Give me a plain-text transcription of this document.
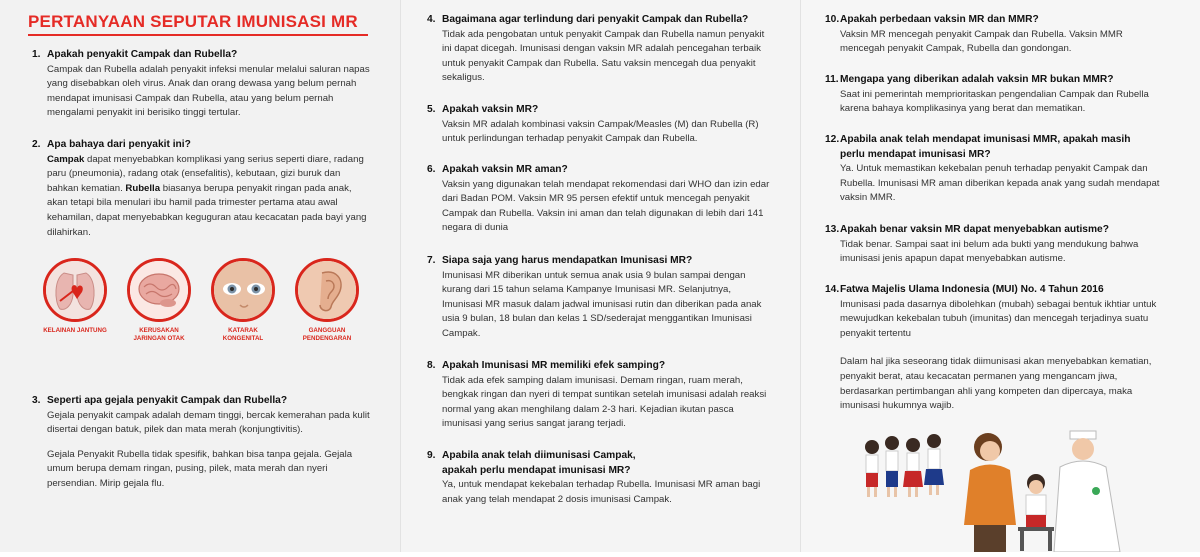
PERTANYAAN SEPUTAR IMUNISASI MR
1. Apakah penyakit Campak dan Rubella?
Campak dan Rubella adalah penyakit infeksi menular melalui saluran napas yang disebabkan oleh virus. Anak dan orang dewasa yang belum pernah mendapat imunisasi Campak dan Rubella, atau yang belum pernah mengalami penyakit ini berisiko tinggi tertular.
2. Apa bahaya dari penyakit ini?
Campak dapat menyebabkan komplikasi yang serius seperti diare, radang paru (pneumonia), radang otak (ensefalitis), kebutaan, gizi buruk dan bahkan kematian. Rubella biasanya berupa penyakit ringan pada anak, akan tetapi bila menulari ibu hamil pada trimester pertama atau awal kehamilan, dapat menyebabkan keguguran atau kecacatan pada bayi yang dilahirkan.
KELAINAN JANTUNG	KERUSAKAN
JARINGAN OTAK
KATARAK
KONGENITAL
GANGGUAN
PENDENGARAN
3. Seperti apa gejala penyakit Campak dan Rubella?
Gejala penyakit campak adalah demam tinggi, bercak kemerahan pada kulit disertai dengan batuk, pilek dan mata merah (konjungtivitis).
Gejala Penyakit Rubella tidak spesifik, bahkan bisa tanpa gejala. Gejala umum berupa demam ringan, pusing, pilek, mata merah dan nyeri persendian. Mirip gejala flu.
4. Bagaimana agar terlindung dari penyakit Campak dan Rubella?
Tidak ada pengobatan untuk penyakit Campak dan Rubella namun penyakit ini dapat dicegah. Imunisasi dengan vaksin MR adalah pencegahan terbaik untuk penyakit Campak dan Rubella. Satu vaksin mencegah dua penyakit sekaligus.
5. Apakah vaksin MR?
Vaksin MR adalah kombinasi vaksin Campak/Measles (M) dan Rubella (R) untuk perlindungan terhadap penyakit Campak dan Rubella.
6. Apakah vaksin MR aman?
Vaksin yang digunakan telah mendapat rekomendasi dari WHO dan izin edar dari Badan POM. Vaksin MR 95 persen efektif untuk mencegah penyakit Campak dan Rubella. Vaksin ini aman dan telah digunakan di lebih dari 141 negara di dunia
7. Siapa saja yang harus mendapatkan Imunisasi MR?
Imunisasi MR diberikan untuk semua anak usia 9 bulan sampai dengan kurang dari 15 tahun selama Kampanye Imunisasi MR. Selanjutnya, Imunisasi MR masuk dalam jadwal imunisasi rutin dan diberikan pada anak usia 9 bulan, 18 bulan dan kelas 1 SD/sederajat menggantikan Imunisasi Campak.
8. Apakah Imunisasi MR memiliki efek samping?
Tidak ada efek samping dalam imunisasi. Demam ringan, ruam merah, bengkak ringan dan nyeri di tempat suntikan setelah imunisasi adalah reaksi normal yang akan menghilang dalam 2-3 hari. Kejadian ikutan pasca imunisasi yang serius sangat jarang terjadi.
9. Apabila anak telah diimunisasi Campak, apakah perlu mendapat imunisasi MR?
Ya, untuk mendapat kekebalan terhadap Rubella. Imunisasi MR aman bagi anak yang telah mendapat 2 dosis imunisasi Campak.
10.Apakah perbedaan vaksin MR dan MMR?
Vaksin MR mencegah penyakit Campak dan Rubella. Vaksin MMR mencegah penyakit Campak, Rubella dan gondongan.
11.Mengapa yang diberikan adalah vaksin MR bukan MMR?
Saat ini pemerintah memprioritaskan pengendalian Campak dan Rubella karena bahaya komplikasinya yang berat dan mematikan.
12. Apabila anak telah mendapat imunisasi MMR, apakah masih perlu mendapat imunisasi MR?
Ya. Untuk memastikan kekebalan penuh terhadap penyakit Campak dan Rubella. Imunisasi MR aman diberikan kepada anak yang sudah mendapat vaksin MMR.
13.Apakah benar vaksin MR dapat menyebabkan autisme?
Tidak benar. Sampai saat ini belum ada bukti yang mendukung bahwa imunisasi jenis apapun dapat menyebabkan autisme.
14.Fatwa Majelis Ulama Indonesia (MUI) No. 4 Tahun 2016
Imunisasi pada dasarnya dibolehkan (mubah) sebagai bentuk ikhtiar untuk mewujudkan kekebalan tubuh (imunitas) dan mencegah terjadinya suatu penyakit tertentu
Dalam hal jika seseorang tidak diimunisasi akan menyebabkan kematian, penyakit berat, atau kecacatan permanen yang mengancam jiwa, berdasarkan pertimbangan ahli yang kompeten dan dipercaya, maka imunisasi hukumnya wajib.
